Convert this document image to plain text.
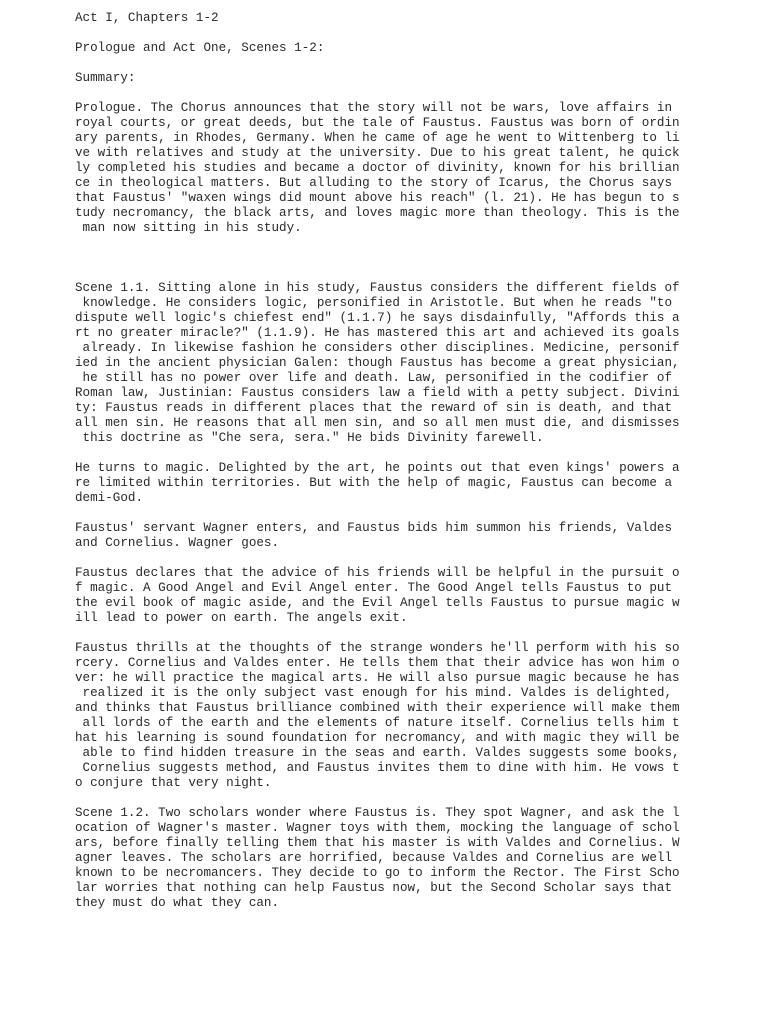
Act I, Chapters 1-2
Prologue and Act One, Scenes 1-2:
Summary:
Prologue. The Chorus announces that the story will not be wars, love affairs in
royal courts, or great deeds, but the tale of Faustus. Faustus was born of ordin
ary parents, in Rhodes, Germany. When he came of age he went to Wittenberg to li
ve with relatives and study at the university. Due to his great talent, he quick
ly completed his studies and became a doctor of divinity, known for his brillian
ce in theological matters. But alluding to the story of Icarus, the Chorus says
that Faustus' "waxen wings did mount above his reach" (l. 21). He has begun to s
tudy necromancy, the black arts, and loves magic more than theology. This is the
man now sitting in his study.
Scene 1.1. Sitting alone in his study, Faustus considers the different fields of
knowledge. He considers logic, personified in Aristotle. But when he reads "to
dispute well logic's chiefest end" (1.1.7) he says disdainfully, "Affords this a
rt no greater miracle?" (1.1.9). He has mastered this art and achieved its goals
already. In likewise fashion he considers other disciplines. Medicine, personif
ied in the ancient physician Galen: though Faustus has become a great physician,
he still has no power over life and death. Law, personified in the codifier of
Roman law, Justinian: Faustus considers law a field with a petty subject. Divini
ty: Faustus reads in different places that the reward of sin is death, and that
all men sin. He reasons that all men sin, and so all men must die, and dismisses
this doctrine as "Che sera, sera." He bids Divinity farewell.
He turns to magic. Delighted by the art, he points out that even kings' powers a
re limited within territories. But with the help of magic, Faustus can become a
demi-God.
Faustus' servant Wagner enters, and Faustus bids him summon his friends, Valdes
and Cornelius. Wagner goes.
Faustus declares that the advice of his friends will be helpful in the pursuit o
f magic. A Good Angel and Evil Angel enter. The Good Angel tells Faustus to put
the evil book of magic aside, and the Evil Angel tells Faustus to pursue magic w
ill lead to power on earth. The angels exit.
Faustus thrills at the thoughts of the strange wonders he'll perform with his so
rcery. Cornelius and Valdes enter. He tells them that their advice has won him o
ver: he will practice the magical arts. He will also pursue magic because he has
realized it is the only subject vast enough for his mind. Valdes is delighted,
and thinks that Faustus brilliance combined with their experience will make them
all lords of the earth and the elements of nature itself. Cornelius tells him t
hat his learning is sound foundation for necromancy, and with magic they will be
able to find hidden treasure in the seas and earth. Valdes suggests some books,
Cornelius suggests method, and Faustus invites them to dine with him. He vows t
o conjure that very night.
Scene 1.2. Two scholars wonder where Faustus is. They spot Wagner, and ask the l
ocation of Wagner's master. Wagner toys with them, mocking the language of schol
ars, before finally telling them that his master is with Valdes and Cornelius. W
agner leaves. The scholars are horrified, because Valdes and Cornelius are well
known to be necromancers. They decide to go to inform the Rector. The First Scho
lar worries that nothing can help Faustus now, but the Second Scholar says that
they must do what they can.
